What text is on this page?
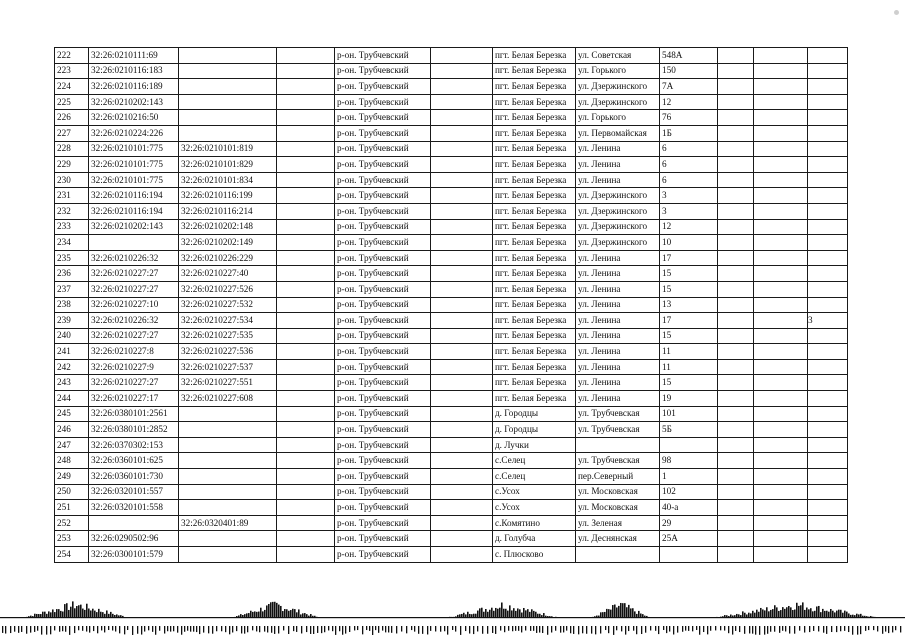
222	32:26:0210111:69			р-он. Трубчевский		пгт. Белая Березка	ул. Советская	548А			
223	32:26:0210116:183			р-он. Трубчевский		пгт. Белая Березка	ул. Горького	150			
224	32:26:0210116:189			р-он. Трубчевский		пгт. Белая Березка	ул. Дзержинского	7А			
225	32:26:0210202:143			р-он. Трубчевский		пгт. Белая Березка	ул. Дзержинского	12			
226	32:26:0210216:50			р-он. Трубчевский		пгт. Белая Березка	ул. Горького	76			
227	32:26:0210224:226			р-он. Трубчевский		пгт. Белая Березка	ул. Первомайская	1Б			
228	32:26:0210101:775	32:26:0210101:819		р-он. Трубчевский		пгт. Белая Березка	ул. Ленина	6			
229	32:26:0210101:775	32:26:0210101:829		р-он. Трубчевский		пгт. Белая Березка	ул. Ленина	6			
230	32:26:0210101:775	32:26:0210101:834		р-он. Трубчевский		пгт. Белая Березка	ул. Ленина	6			
231	32:26:0210116:194	32:26:0210116:199		р-он. Трубчевский		пгт. Белая Березка	ул. Дзержинского	3			
232	32:26:0210116:194	32:26:0210116:214		р-он. Трубчевский		пгт. Белая Березка	ул. Дзержинского	3			
233	32:26:0210202:143	32:26:0210202:148		р-он. Трубчевский		пгт. Белая Березка	ул. Дзержинского	12			
234		32:26:0210202:149		р-он. Трубчевский		пгт. Белая Березка	ул. Дзержинского	10			
235	32:26:0210226:32	32:26:0210226:229		р-он. Трубчевский		пгт. Белая Березка	ул. Ленина	17			
236	32:26:0210227:27	32:26:0210227:40		р-он. Трубчевский		пгт. Белая Березка	ул. Ленина	15			
237	32:26:0210227:27	32:26:0210227:526		р-он. Трубчевский		пгт. Белая Березка	ул. Ленина	15			
238	32:26:0210227:10	32:26:0210227:532		р-он. Трубчевский		пгт. Белая Березка	ул. Ленина	13			
239	32:26:0210226:32	32:26:0210227:534		р-он. Трубчевский		пгт. Белая Березка	ул. Ленина	17			3
240	32:26:0210227:27	32:26:0210227:535		р-он. Трубчевский		пгт. Белая Березка	ул. Ленина	15			
241	32:26:0210227:8	32:26:0210227:536		р-он. Трубчевский		пгт. Белая Березка	ул. Ленина	11			
242	32:26:0210227:9	32:26:0210227:537		р-он. Трубчевский		пгт. Белая Березка	ул. Ленина	11			
243	32:26:0210227:27	32:26:0210227:551		р-он. Трубчевский		пгт. Белая Березка	ул. Ленина	15			
244	32:26:0210227:17	32:26:0210227:608		р-он. Трубчевский		пгт. Белая Березка	ул. Ленина	19			
245	32:26:0380101:2561			р-он. Трубчевский		д. Городцы	ул. Трубчевская	101			
246	32:26:0380101:2852			р-он. Трубчевский		д. Городцы	ул. Трубчевская	5Б			
247	32:26:0370302:153			р-он. Трубчевский		д. Лучки					
248	32:26:0360101:625			р-он. Трубчевский		с.Селец	ул. Трубчевская	98			
249	32:26:0360101:730			р-он. Трубчевский		с.Селец	пер.Северный	1			
250	32:26:0320101:557			р-он. Трубчевский		с.Усох	ул. Московская	102			
251	32:26:0320101:558			р-он. Трубчевский		с.Усох	ул. Московская	40-а			
252		32:26:0320401:89		р-он. Трубчевский		с.Комятино	ул. Зеленая	29			
253	32:26:0290502:96			р-он. Трубчевский		д. Голубча	ул. Деснянская	25А			
254	32:26:0300101:579			р-он. Трубчевский		с. Плюсково					
